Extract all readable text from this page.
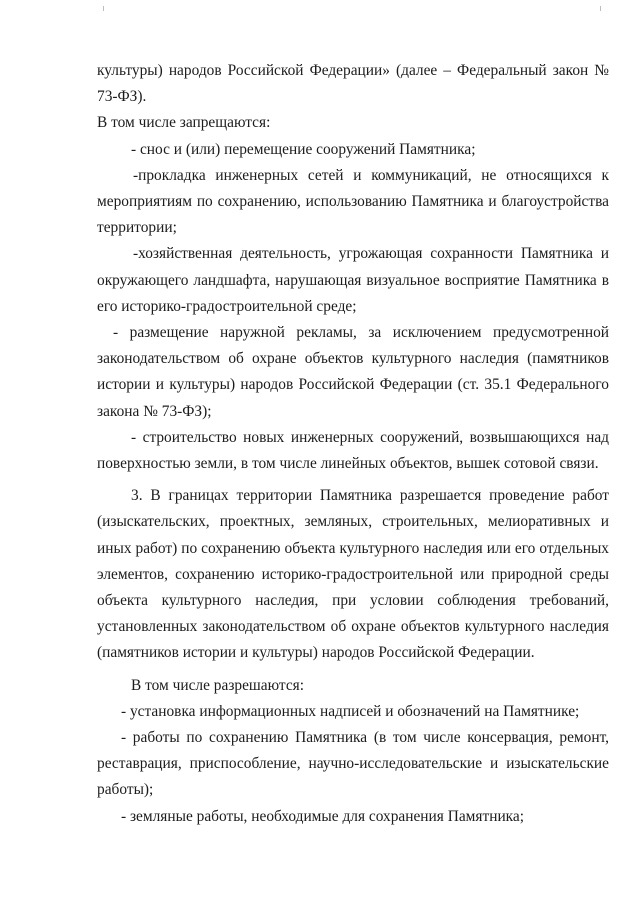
культуры) народов Российской Федерации» (далее – Федеральный закон № 73-ФЗ).

В том числе запрещаются:

- снос и (или) перемещение сооружений Памятника;

-прокладка инженерных сетей и коммуникаций, не относящихся к мероприятиям по сохранению, использованию Памятника и благоустройства территории;

-хозяйственная деятельность, угрожающая сохранности Памятника и окружающего ландшафта, нарушающая визуальное восприятие Памятника в его историко-градостроительной среде;

- размещение наружной рекламы, за исключением предусмотренной законодательством об охране объектов культурного наследия (памятников истории и культуры) народов Российской Федерации (ст. 35.1 Федерального закона № 73-ФЗ);

- строительство новых инженерных сооружений, возвышающихся над поверхностью земли, в том числе линейных объектов, вышек сотовой связи.

3. В границах территории Памятника разрешается проведение работ (изыскательских, проектных, земляных, строительных, мелиоративных и иных работ) по сохранению объекта культурного наследия или его отдельных элементов, сохранению историко-градостроительной или природной среды объекта культурного наследия, при условии соблюдения требований, установленных законодательством об охране объектов культурного наследия (памятников истории и культуры) народов Российской Федерации.

В том числе разрешаются:

- установка информационных надписей и обозначений на Памятнике;

- работы по сохранению Памятника (в том числе консервация, ремонт, реставрация, приспособление, научно-исследовательские и изыскательские работы);

- земляные работы, необходимые для сохранения Памятника;
